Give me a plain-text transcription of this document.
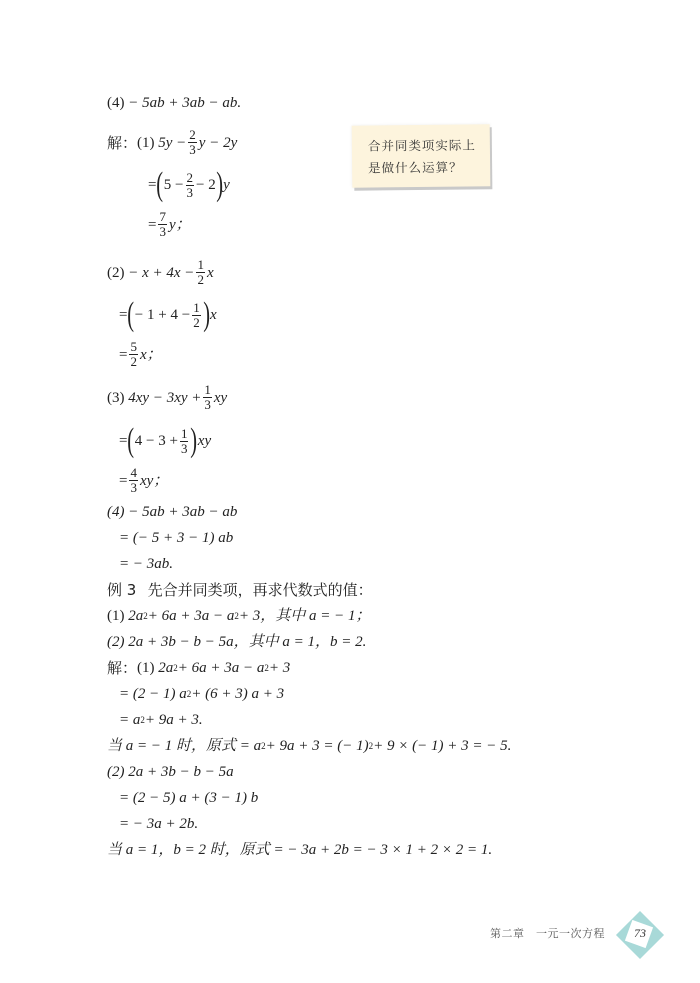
(4)
− 5ab + 3ab − ab.
解： (1)
$5y - \frac{2}{3}$ y − 2y
= ( $5 - \frac{2}{3} - 2$ ) y
= $\frac{7}{3}$ y；
(2)
− $x + 4x - \frac{1}{2}$ x
= ( − $1 + 4 - \frac{1}{2}$ ) x
= $\frac{5}{2}$ x；
(3)
$4xy - 3xy + \frac{1}{3}$ xy
= ( $4 - 3 + \frac{1}{3}$ ) xy
= $\frac{4}{3}$ xy；
(4) − 5ab + 3ab − ab
= (− 5 + 3 − 1) ab
= − 3ab.
例 3
先合并同类项，再求代数式的值：
(1)
2a 2 + 6a + 3a − a 2 + 3，其中 a = − 1；
(2) 2a + 3b − b − 5a，其中 a = 1，b = 2.
解： (1)
2a 2 + 6a + 3a − a 2 + 3
= (2 − 1) a 2 + (6 + 3) a + 3
= a 2 + 9a + 3.
当 a = − 1 时，原式 = a 2 + 9a + 3 = (− 1) 2 + 9 × (− 1) + 3 = − 5.
(2) 2a + 3b − b − 5a
= (2 − 5) a + (3 − 1) b
= − 3a + 2b.
当 a = 1，b = 2 时，原式 = − 3a + 2b = − 3 × 1 + 2 × 2 = 1.
合并同类项实际上
是做什么运算？
第二章　一元一次方程	73
